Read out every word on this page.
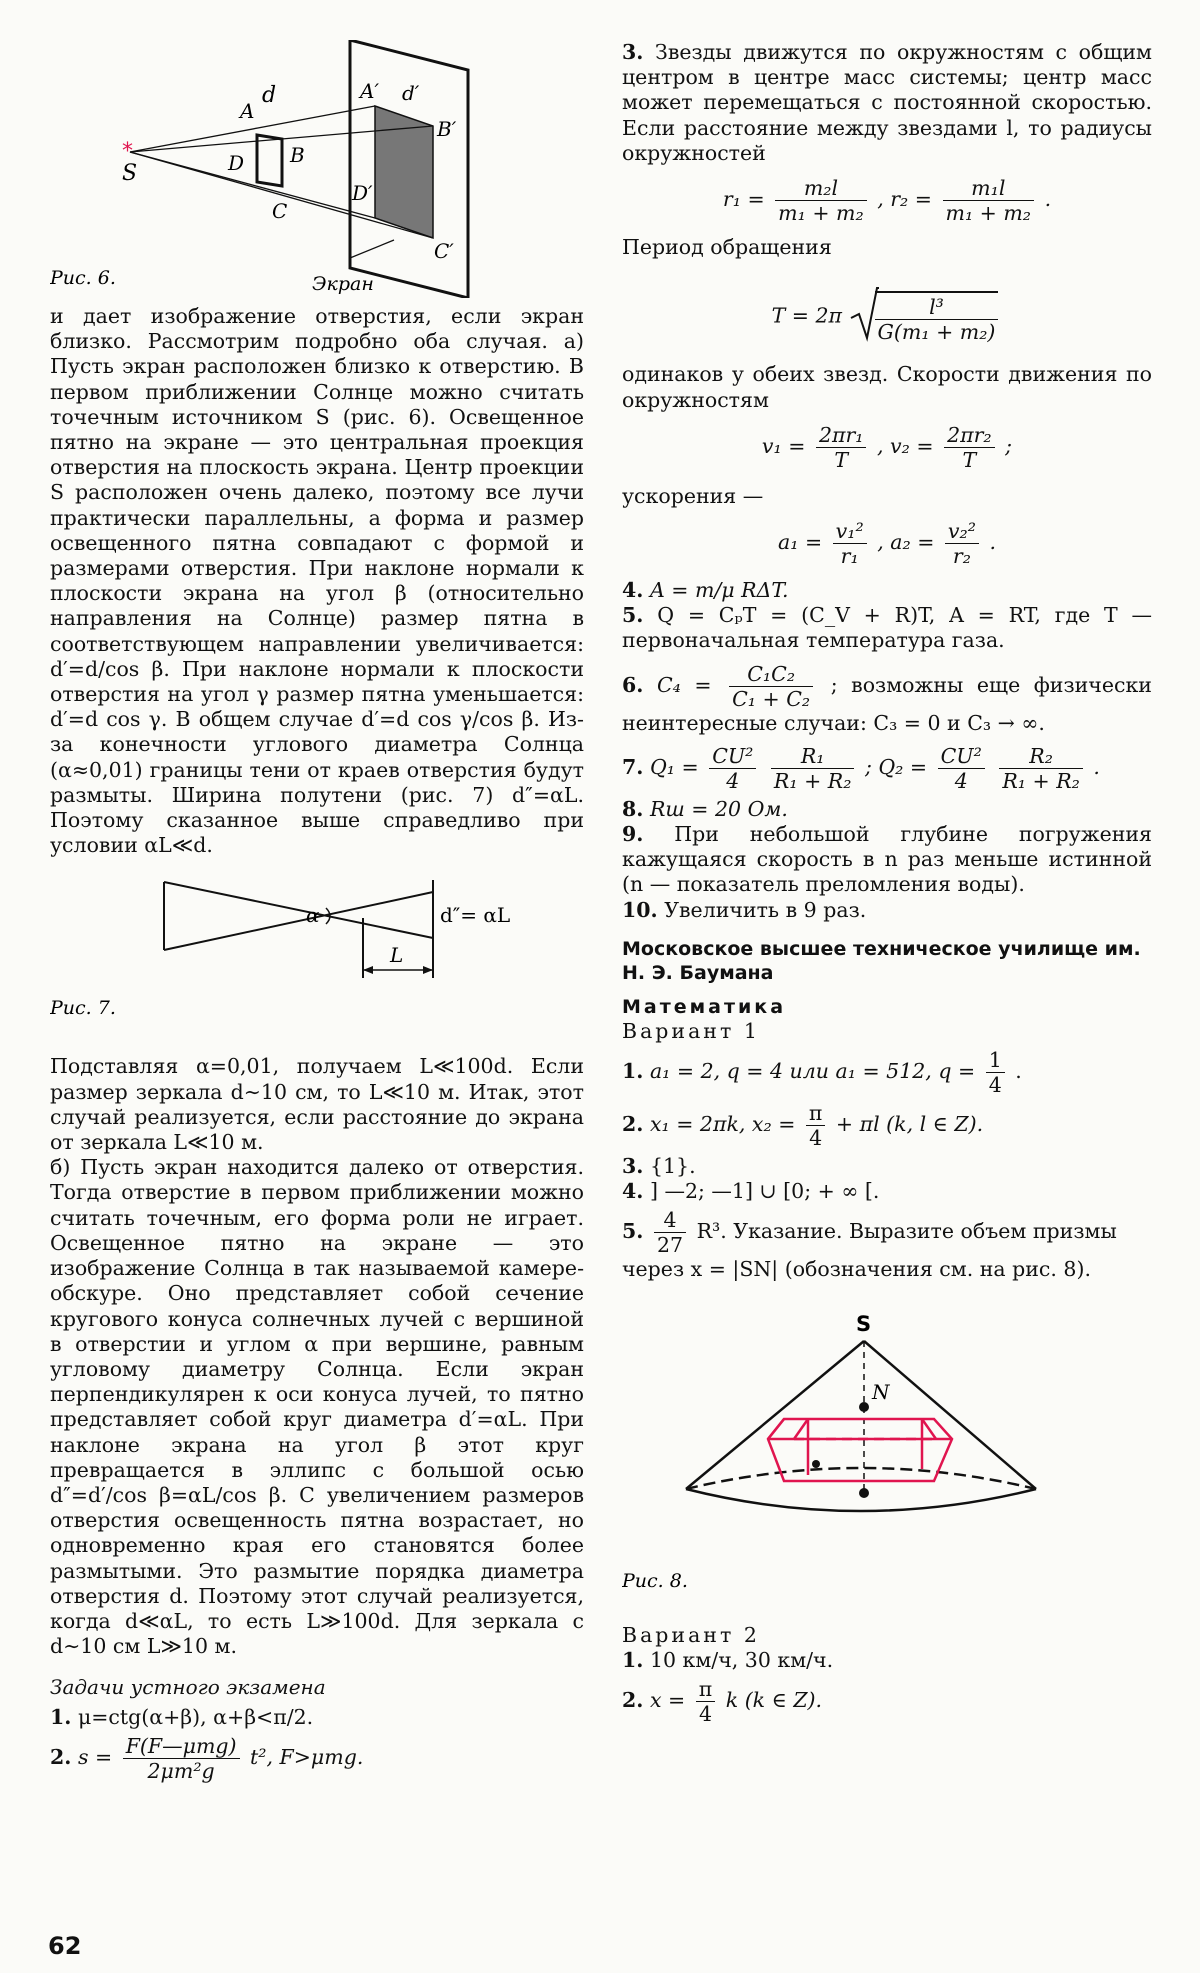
*
S
A
d
B
D
C
A′ d′
B′
D′
C′
Экран
Рис. 6.

и дает изображение отверстия, если экран близко. Рассмотрим подробно оба случая. а) Пусть экран расположен близко к отверстию. В первом приближении Солнце можно считать точечным источником S (рис. 6). Освещенное пятно на экране — это центральная проекция отверстия на плоскость экрана. Центр проекции S расположен очень далеко, поэтому все лучи практически параллельны, а форма и размер освещенного пятна совпадают с формой и размерами отверстия. При наклоне нормали к плоскости экрана на угол β (относительно направления на Солнце) размер пятна в соответствующем направлении увеличивается: d′=d/cos β. При наклоне нормали к плоскости отверстия на угол γ размер пятна уменьшается: d′=d cos γ. В общем случае d′=d cos γ/cos β. Из-за конечности углового диаметра Солнца (α≈0,01) границы тени от краев отверстия будут размыты. Ширина полутени (рис. 7) d″=αL. Поэтому сказанное выше справедливо при условии αL≪d.

α	d″= αL
L
Рис. 7.

Подставляя α=0,01, получаем L≪100d. Если размер зеркала d∼10 см, то L≪10 м. Итак, этот случай реализуется, если расстояние до экрана от зеркала L≪10 м.

б) Пусть экран находится далеко от отверстия. Тогда отверстие в первом приближении можно считать точечным, его форма роли не играет. Освещенное пятно на экране — это изображение Солнца в так называемой камере-обскуре. Оно представляет собой сечение кругового конуса солнечных лучей с вершиной в отверстии и углом α при вершине, равным угловому диаметру Солнца. Если экран перпендикулярен к оси конуса лучей, то пятно представляет собой круг диаметра d′=αL. При наклоне экрана на угол β этот круг превращается в эллипс с большой осью d″=d′/cos β=αL/cos β. С увеличением размеров отверстия освещенность пятна возрастает, но одновременно края его становятся более размытыми. Это размытие порядка диаметра отверстия d. Поэтому этот случай реализуется, когда d≪αL, то есть L≫100d. Для зеркала с d∼10 см L≫10 м.

Задачи устного экзамена
1. μ=ctg(α+β), α+β<π/2.
2. $s = \frac{\text{F(F—μmg)}}{\text{2μm²g}} t^2$, F>μmg.
62

3. Звезды движутся по окружностям с общим центром в центре масс системы; центр масс может перемещаться с постоянной скоростью. Если расстояние между звездами l, то радиусы окружностей

$r_1 = \frac{\text{m₂l}}{\text{m₁ + m₂}}$ , $r_2 = \frac{\text{m₁l}}{\text{m₁ + m₂}}$ .

Период обращения

$T = 2\pi \frac{\text{l³}}{\text{G(m₁ + m₂)}}$

одинаков у обеих звезд. Скорости движения по окружностям

$v_1 = \frac{\text{2πr₁}}{T}$ , $v_2 = \frac{\text{2πr₂}}{T}$ ;

ускорения —

$a_1 = \frac{\text{v₁²}}{\text{r₁}}$ , $a_2 = \frac{\text{v₂²}}{\text{r₂}}$ .

4. A = m/μ RΔT.

5. Q = CₚT = (C_V + R)T, A = RT, где T — первоначальная температура газа.

6. $C_4 = \frac{\text{C₁C₂}}{\text{C₁ + C₂}}$ ; возможны еще физически неинтересные случаи: C₃ = 0 и C₃ → ∞.

7. $Q_1 = \frac{\text{CU²}}{4}$
$\frac{\text{R₁}}{\text{R₁ + R₂}}$ ; $Q_2 = \frac{\text{CU²}}{4}$
$\frac{\text{R₂}}{\text{R₁ + R₂}}$ .

8. Rш = 20 Ом.

9. При небольшой глубине погружения кажущаяся скорость в n раз меньше истинной (n — показатель преломления воды).

10. Увеличить в 9 раз.

Московское высшее техническое училище им. Н. Э. Баумана
Математика
Вариант 1
1. a₁ = 2, q = 4 или a₁ = 512, $q = \frac{1}{4}$ .
2. x₁ = 2πk, $x_2 = \frac{\pi}{4} + \pi l$ (k, l ∈ Z).
3. {1}.
4. ] —2; —1] ∪ [0; + ∞ [.
5. $\frac{4}{27} R^3$. Указание. Выразите объем призмы через x = |SN| (обозначения см. на рис. 8).
S
N
Рис. 8.
Вариант 2
1. 10 км/ч, 30 км/ч.
2. $x = \frac{\pi}{4}$ k (k ∈ Z).
